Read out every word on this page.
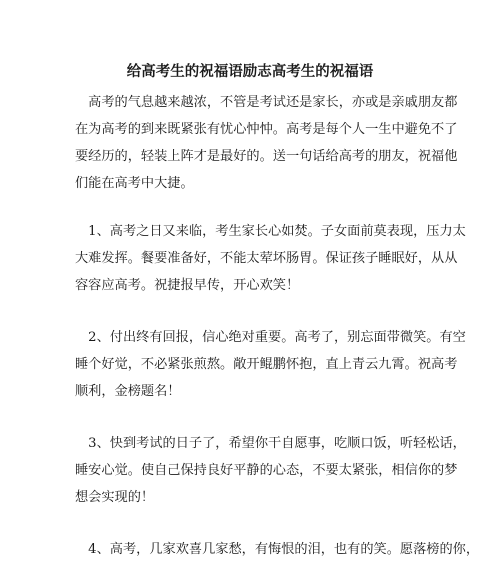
给高考生的祝福语励志高考生的祝福语
　高考的气息越来越浓，不管是考试还是家长，亦或是亲戚朋友都
在为高考的到来既紧张有忧心忡忡。高考是每个人一生中避免不了
要经历的，轻装上阵才是最好的。送一句话给高考的朋友，祝福他
们能在高考中大捷。
　1、高考之日又来临，考生家长心如焚。子女面前莫表现，压力太
大难发挥。餐要准备好，不能太荤坏肠胃。保证孩子睡眠好，从从
容容应高考。祝捷报早传，开心欢笑！
　2、付出终有回报，信心绝对重要。高考了，别忘面带微笑。有空
睡个好觉，不必紧张煎熬。敞开鲲鹏怀抱，直上青云九霄。祝高考
顺利，金榜题名！
　3、快到考试的日子了，希望你干自愿事，吃顺口饭，听轻松话，
睡安心觉。使自己保持良好平静的心态，不要太紧张，相信你的梦
想会实现的！
　4、高考，几家欢喜几家愁，有悔恨的泪，也有的笑。愿落榜的你，
